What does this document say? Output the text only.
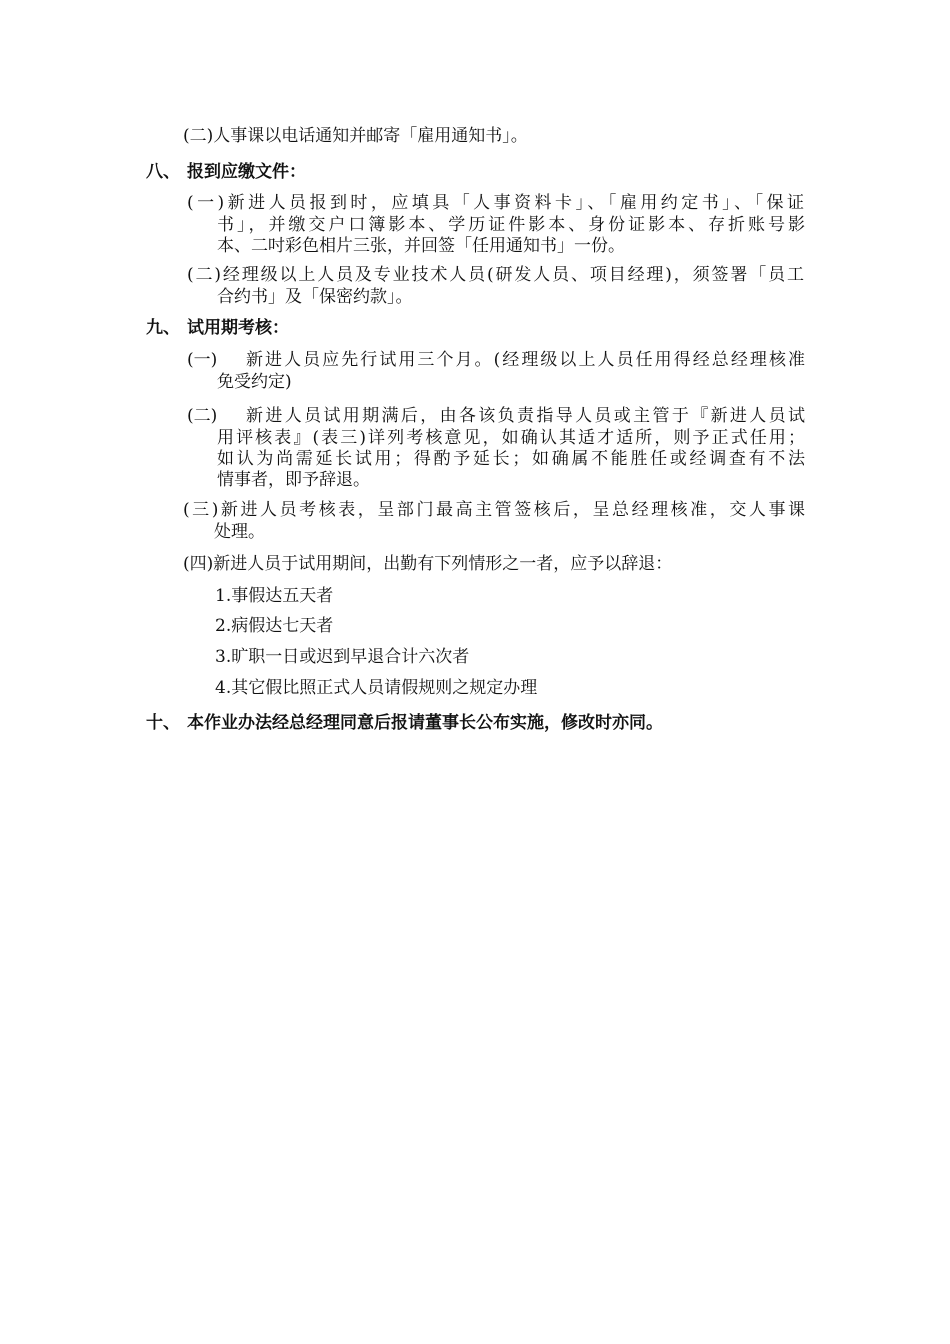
(二)人事课以电话通知并邮寄「雇用通知书」。
八、 报到应缴文件：
(一)新进人员报到时，应填具「人事资料卡」、「雇用约定书」、「保证
书」，并缴交户口簿影本、学历证件影本、身份证影本、存折账号影
本、二吋彩色相片三张，并回签「任用通知书」一份。
(二)经理级以上人员及专业技术人员(研发人员、项目经理)，须签署「员工
合约书」及「保密约款」。
九、 试用期考核：
(一) 新进人员应先行试用三个月。(经理级以上人员任用得经总经理核准
免受约定)
(二) 新进人员试用期满后，由各该负责指导人员或主管于『新进人员试
用评核表』(表三)详列考核意见，如确认其适才适所，则予正式任用；
如认为尚需延长试用；得酌予延长；如确属不能胜任或经调查有不法
情事者，即予辞退。
(三)新进人员考核表，呈部门最高主管签核后，呈总经理核准，交人事课
处理。
(四)新进人员于试用期间，出勤有下列情形之一者，应予以辞退：
1.事假达五天者
2.病假达七天者
3.旷职一日或迟到早退合计六次者
4.其它假比照正式人员请假规则之规定办理
十、 本作业办法经总经理同意后报请董事长公布实施，修改时亦同。
